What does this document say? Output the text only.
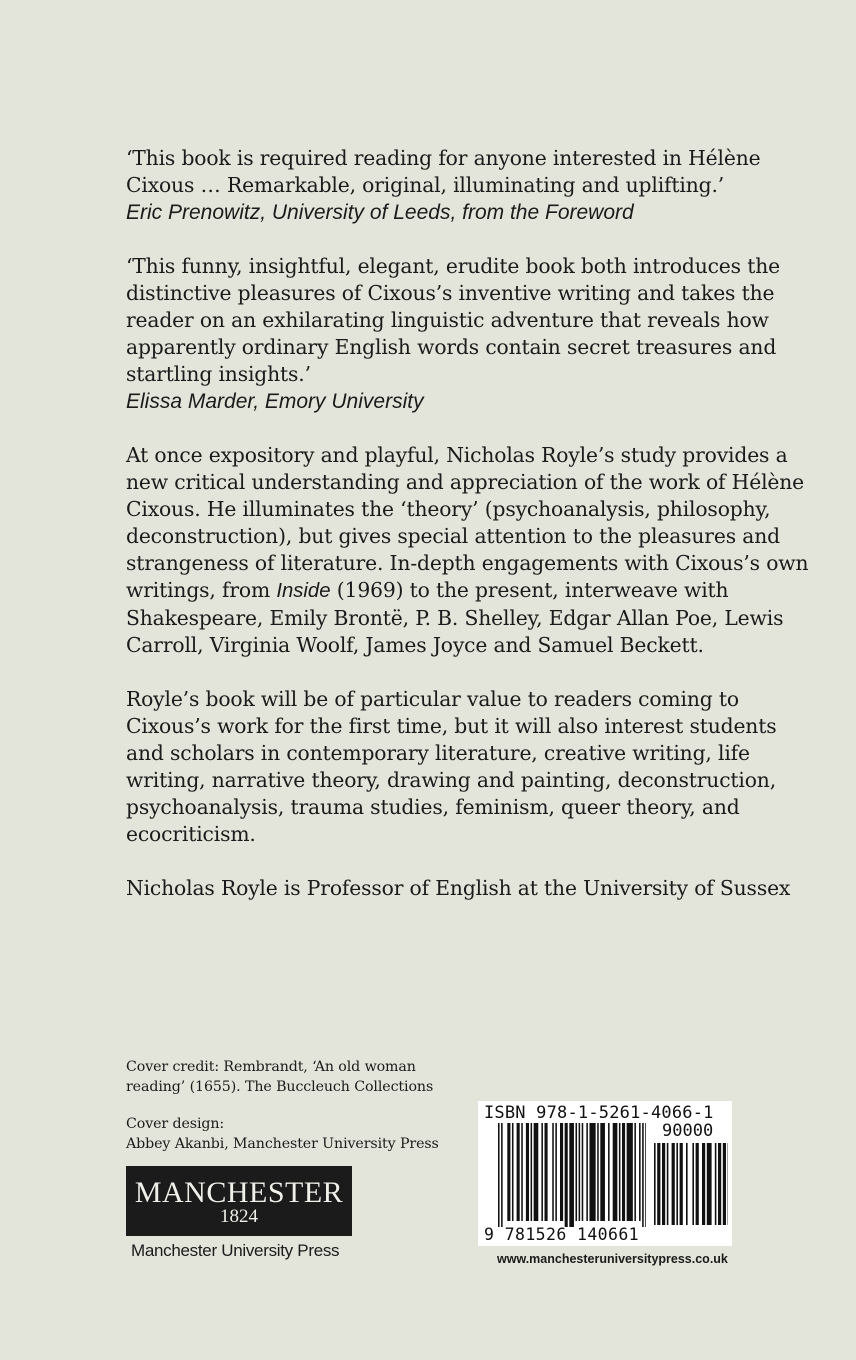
‘This book is required reading for anyone interested in Hélène Cixous … Remarkable, original, illuminating and uplifting.’

Eric Prenowitz, University of Leeds, from the Foreword

‘This funny, insightful, elegant, erudite book both introduces the distinctive pleasures of Cixous’s inventive writing and takes the reader on an exhilarating linguistic adventure that reveals how apparently ordinary English words contain secret treasures and startling insights.’

Elissa Marder, Emory University

At once expository and playful, Nicholas Royle’s study provides a new critical understanding and appreciation of the work of Hélène Cixous. He illuminates the ‘theory’ (psychoanalysis, philosophy, deconstruction), but gives special attention to the pleasures and strangeness of literature. In-depth engagements with Cixous’s own writings, from Inside (1969) to the present, interweave with Shakespeare, Emily Brontë, P. B. Shelley, Edgar Allan Poe, Lewis Carroll, Virginia Woolf, James Joyce and Samuel Beckett.

Royle’s book will be of particular value to readers coming to Cixous’s work for the first time, but it will also interest students and scholars in contemporary literature, creative writing, life writing, narrative theory, drawing and painting, deconstruction, psychoanalysis, trauma studies, feminism, queer theory, and ecocriticism.

Nicholas Royle is Professor of English at the University of Sussex

Cover credit: Rembrandt, ‘An old woman
reading’ (1655). The Buccleuch Collections
Cover design:
Abbey Akanbi, Manchester University Press
MANCHESTER
1824
Manchester University Press
ISBN 978-1-5261-4066-1
90000
9 781526 140661
www.manchesteruniversitypress.co.uk
